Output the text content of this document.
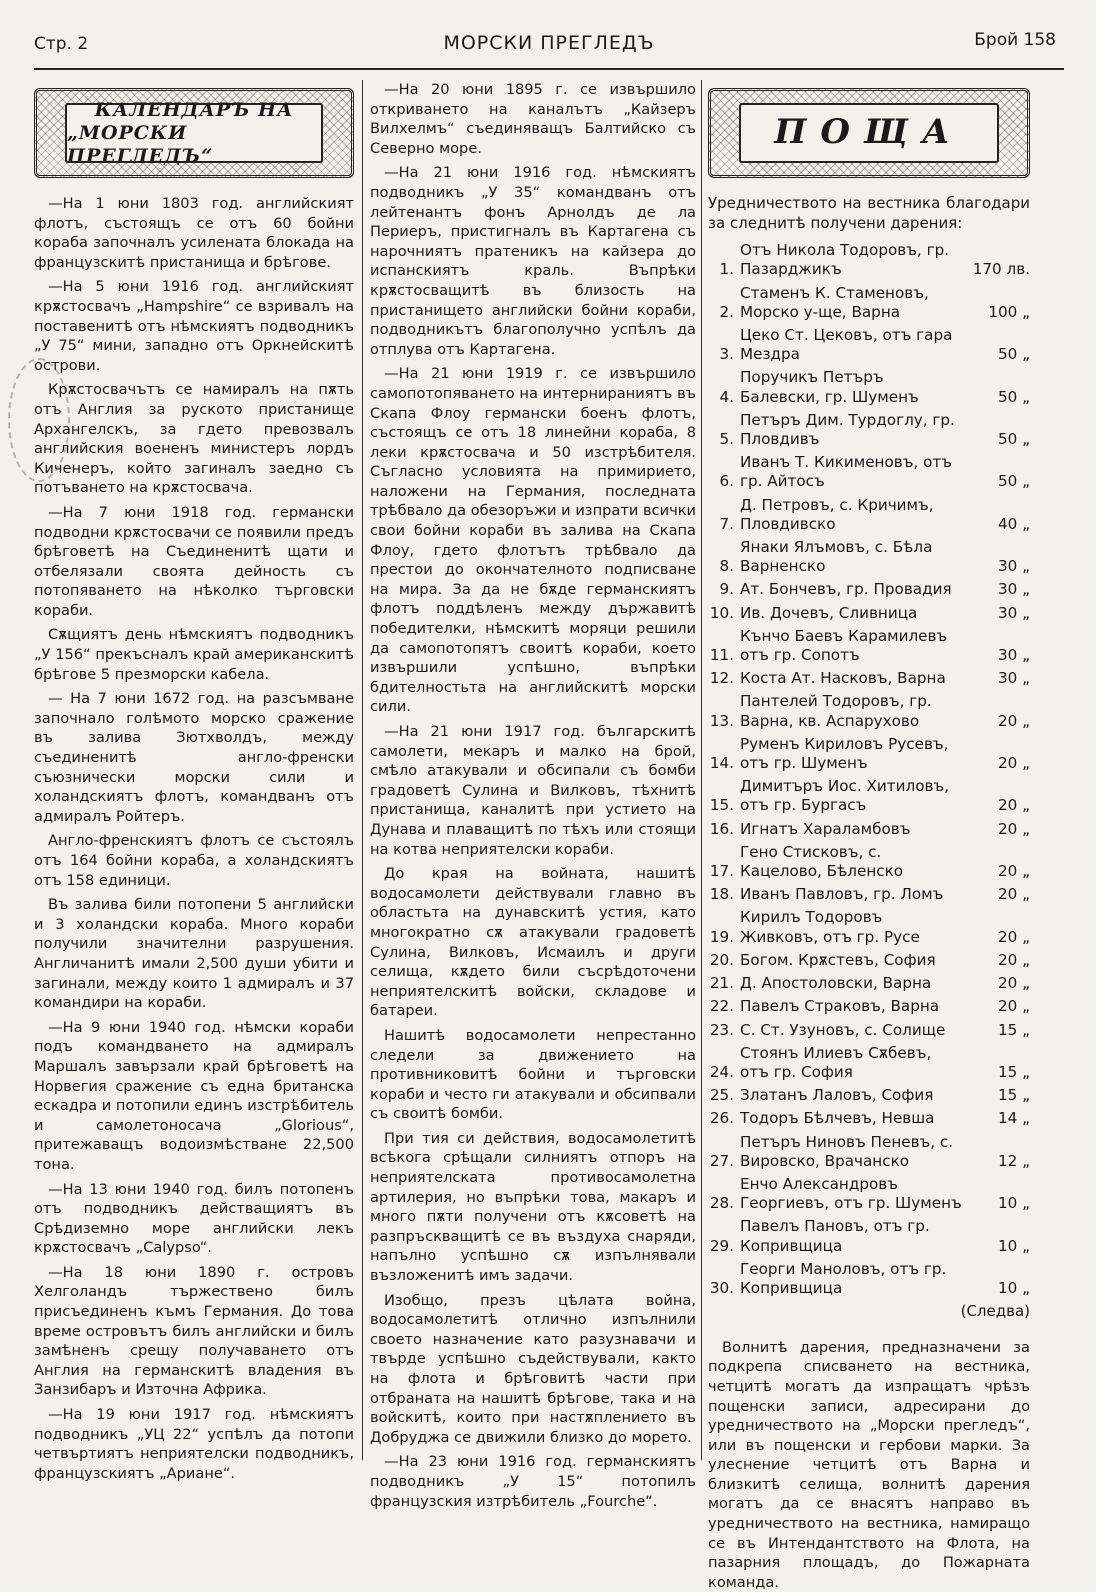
Стр. 2	МОРСКИ ПРЕГЛЕДЪ	Брой 158
КАЛЕНДАРЪ НА
„МОРСКИ ПРЕГЛЕДЪ“

—На 1 юни 1803 год. английският флотъ, състоящъ се отъ 60 бойни кораба започналъ усилената блокада на французскитѣ пристанища и брѣгове.

—На 5 юни 1916 год. английският крѫстосвачъ „Hampshire“ се взривалъ на поставенитѣ отъ нѣмскиятъ подводникъ „У 75“ мини, западно отъ Оркнейскитѣ острови.

Крѫстосвачътъ се намиралъ на пѫть отъ Англия за руското пристанище Архангелскъ, за гдето превозвалъ английския воененъ министеръ лордъ Киченеръ, който загиналъ заедно съ потъването на крѫстосвача.

—На 7 юни 1918 год. германски подводни крѫстосвачи се появили предъ брѣговетѣ на Съединенитѣ щати и отбелязали своята дейность съ потопяването на нѣколко търговски кораби.

Сѫщиятъ день нѣмскиятъ подводникъ „У 156“ прекъсналъ край американскитѣ брѣгове 5 презморски кабела.

— На 7 юни 1672 год. на разсъмване започнало голѣмото морско сражение въ залива Зютхволдъ, между съединенитѣ англо-френски съюзнически морски сили и холандскиятъ флотъ, командванъ отъ адмиралъ Ройтеръ.

Англо-френскиятъ флотъ се състоялъ отъ 164 бойни кораба, а холандскиятъ отъ 158 единици.

Въ залива били потопени 5 английски и 3 холандски кораба. Много кораби получили значителни разрушения. Англичанитѣ имали 2,500 души убити и загинали, между които 1 адмиралъ и 37 командири на кораби.

—На 9 юни 1940 год. нѣмски кораби подъ командването на адмиралъ Маршалъ завързали край брѣговетѣ на Норвегия сражение съ една британска ескадра и потопили единъ изстрѣбитель и самолетоносача „Glorious“, притежаващъ водоизмѣстване 22,500 тона.

—На 13 юни 1940 год. билъ потопенъ отъ подводникъ действащиятъ въ Срѣдиземно море английски лекъ крѫстосвачъ „Calypso“.

—На 18 юни 1890 г. островъ Хелголандъ тържествено билъ присъединенъ къмъ Германия. До това време островътъ билъ английски и билъ замѣненъ срещу получаването отъ Англия на германскитѣ владения въ Занзибаръ и Източна Африка.

—На 19 юни 1917 год. нѣмскиятъ подводникъ „УЦ 22“ успѣлъ да потопи четвъртиятъ неприятелски подводникъ, французскиятъ „Ариане“.

—На 20 юни 1895 г. се извършило откриването на каналътъ „Кайзеръ Вилхелмъ“ съединяващъ Балтийско съ Северно море.

—На 21 юни 1916 год. нѣмскиятъ подводникъ „У 35“ командванъ отъ лейтенантъ фонъ Арнолдъ де ла Периеръ, пристигналъ въ Картагена съ нарочниятъ пратеникъ на кайзера до испанскиятъ краль. Въпрѣки крѫстосващитѣ въ близость на пристанището английски бойни кораби, подводникътъ благополучно успѣлъ да отплува отъ Картагена.

—На 21 юни 1919 г. се извършило самопотопяването на интернираниятъ въ Скапа Флоу германски боенъ флотъ, състоящъ се отъ 18 линейни кораба, 8 леки крѫстосвача и 50 изстрѣбителя. Съгласно условията на примирието, наложени на Германия, последната трѣбвало да обезоръжи и изпрати всички свои бойни кораби въ залива на Скапа Флоу, гдето флотътъ трѣбвало да престои до окончателното подписване на мира. За да не бѫде германскиятъ флотъ поддѣленъ между държавитѣ победителки, нѣмскитѣ моряци решили да самопотопятъ своитѣ кораби, което извършили успѣшно, въпрѣки бдителностьта на английскитѣ морски сили.

—На 21 юни 1917 год. българскитѣ самолети, мекаръ и малко на брой, смѣло атакували и обсипали съ бомби градоветѣ Сулина и Вилковъ, тѣхнитѣ пристанища, каналитѣ при устието на Дунава и плаващитѣ по тѣхъ или стоящи на котва неприятелски кораби.

До края на войната, нашитѣ водосамолети действували главно въ областьта на дунавскитѣ устия, като многократно сѫ атакували градоветѣ Сулина, Вилковъ, Исмаилъ и други селища, кѫдето били съсрѣдоточени неприятелскитѣ войски, складове и батареи.

Нашитѣ водосамолети непрестанно следели за движението на противниковитѣ бойни и търговски кораби и често ги атакували и обсипвали съ своитѣ бомби.

При тия си действия, водосамолетитѣ всѣкога срѣщали силниятъ отпоръ на неприятелската противосамолетна артилерия, но въпрѣки това, макаръ и много пѫти получени отъ кѫсоветѣ на разпръскващитѣ се въ въздуха снаряди, напълно успѣшно сѫ изпълнявали възложенитѣ имъ задачи.

Изобщо, презъ цѣлата война, водосамолетитѣ отлично изпълнили своето назначение като разузнавачи и твърде успѣшно съдействували, както на флота и брѣговитѣ части при отбраната на нашитѣ брѣгове, така и на войскитѣ, които при настѫплението въ Добруджа се движили близко до морето.

—На 23 юни 1916 год. германскиятъ подводникъ „У 15“ потопилъ французския изтрѣбитель „Fourche“.

ПОЩА

Уредничеството на вестника благодари за следнитѣ получени дарения:

1.
Отъ Никола Тодоровъ, гр. Пазарджикъ	170 лв.
2.
Стаменъ К. Стаменовъ, Морско у-ще, Варна	100 „
3.
Цеко Ст. Цековъ, отъ гара Мездра	50 „
4.
Поручикъ Петъръ Балевски, гр. Шуменъ	50 „
5.
Петъръ Дим. Турдоглу, гр. Пловдивъ	50 „
6.
Иванъ Т. Кикименовъ, отъ гр. Айтосъ	50 „
7.
Д. Петровъ, с. Кричимъ, Пловдивско	40 „
8.
Янаки Ялъмовъ, с. Бѣла Варненско	30 „
9. Ат. Бончевъ, гр. Провадия	30 „
10. Ив. Дочевъ, Сливница	30 „
11.
Кънчо Баевъ Карамилевъ отъ гр. Сопотъ	30 „
12. Коста Ат. Насковъ, Варна	30 „
13.
Пантелей Тодоровъ, гр. Варна, кв. Аспарухово	20 „
14.
Руменъ Кириловъ Русевъ, отъ гр. Шуменъ	20 „
15.
Димитъръ Иос. Хитиловъ, отъ гр. Бургасъ	20 „
16. Игнатъ Хараламбовъ	20 „
17.
Гено Стисковъ, с. Кацелово, Бѣленско	20 „
18. Иванъ Павловъ, гр. Ломъ	20 „
19.
Кирилъ Тодоровъ Живковъ, отъ гр. Русе	20 „
20. Богом. Крѫстевъ, София	20 „
21. Д. Апостоловски, Варна	20 „
22. Павелъ Страковъ, Варна	20 „
23. С. Ст. Узуновъ, с. Солище	15 „
24.
Стоянъ Илиевъ Сѫбевъ, отъ гр. София	15 „
25. Златанъ Лаловъ, София	15 „
26. Тодоръ Бѣлчевъ, Невша	14 „
27.
Петъръ Ниновъ Пеневъ, с. Вировско, Врачанско	12 „
28.
Енчо Александровъ Георгиевъ, отъ гр. Шуменъ	10 „
29.
Павелъ Пановъ, отъ гр. Копривщица	10 „
30.
Георги Маноловъ, отъ гр. Копривщица	10 „
(Следва)

Волнитѣ дарения, предназначени за подкрепа списването на вестника, четцитѣ могатъ да изпращатъ чрѣзъ пощенски записи, адресирани до уредничеството на „Морски прегледъ“, или въ пощенски и гербови марки. За улеснение четцитѣ отъ Варна и близкитѣ селища, волнитѣ дарения могатъ да се внасятъ направо въ уредничеството на вестника, намиращо се въ Интендантството на Флота, на пазарния площадъ, до Пожарната команда.
